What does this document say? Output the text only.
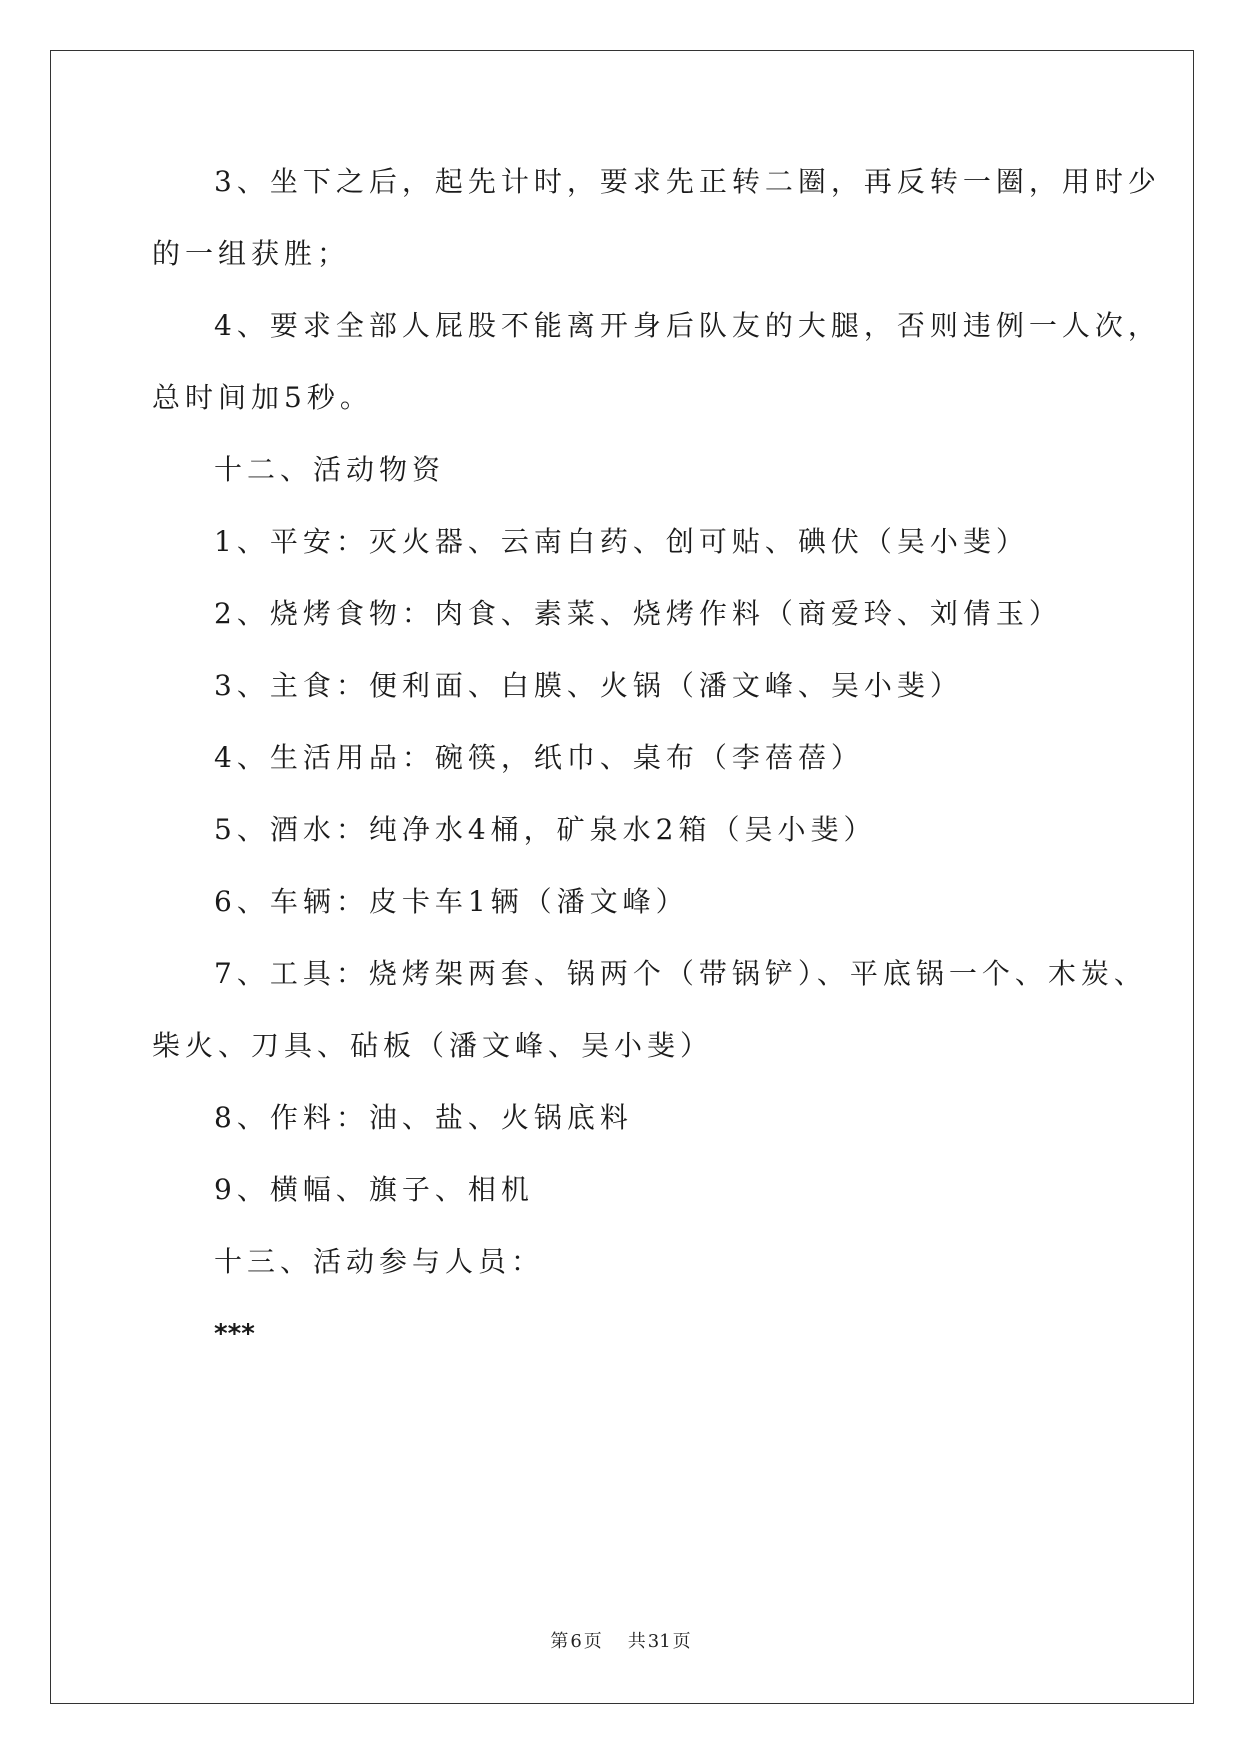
3、坐下之后，起先计时，要求先正转二圈，再反转一圈，用时少
的一组获胜；
4、要求全部人屁股不能离开身后队友的大腿，否则违例一人次，
总时间加5秒。
十二、活动物资
1、平安：灭火器、云南白药、创可贴、碘伏（吴小斐）
2、烧烤食物：肉食、素菜、烧烤作料（商爱玲、刘倩玉）
3、主食：便利面、白膜、火锅（潘文峰、吴小斐）
4、生活用品：碗筷，纸巾、桌布（李蓓蓓）
5、酒水：纯净水4桶，矿泉水2箱（吴小斐）
6、车辆：皮卡车1辆（潘文峰）
7、工具：烧烤架两套、锅两个（带锅铲）、平底锅一个、木炭、
柴火、刀具、砧板（潘文峰、吴小斐）
8、作料：油、盐、火锅底料
9、横幅、旗子、相机
十三、活动参与人员：
***
第 6 页 共 31 页
